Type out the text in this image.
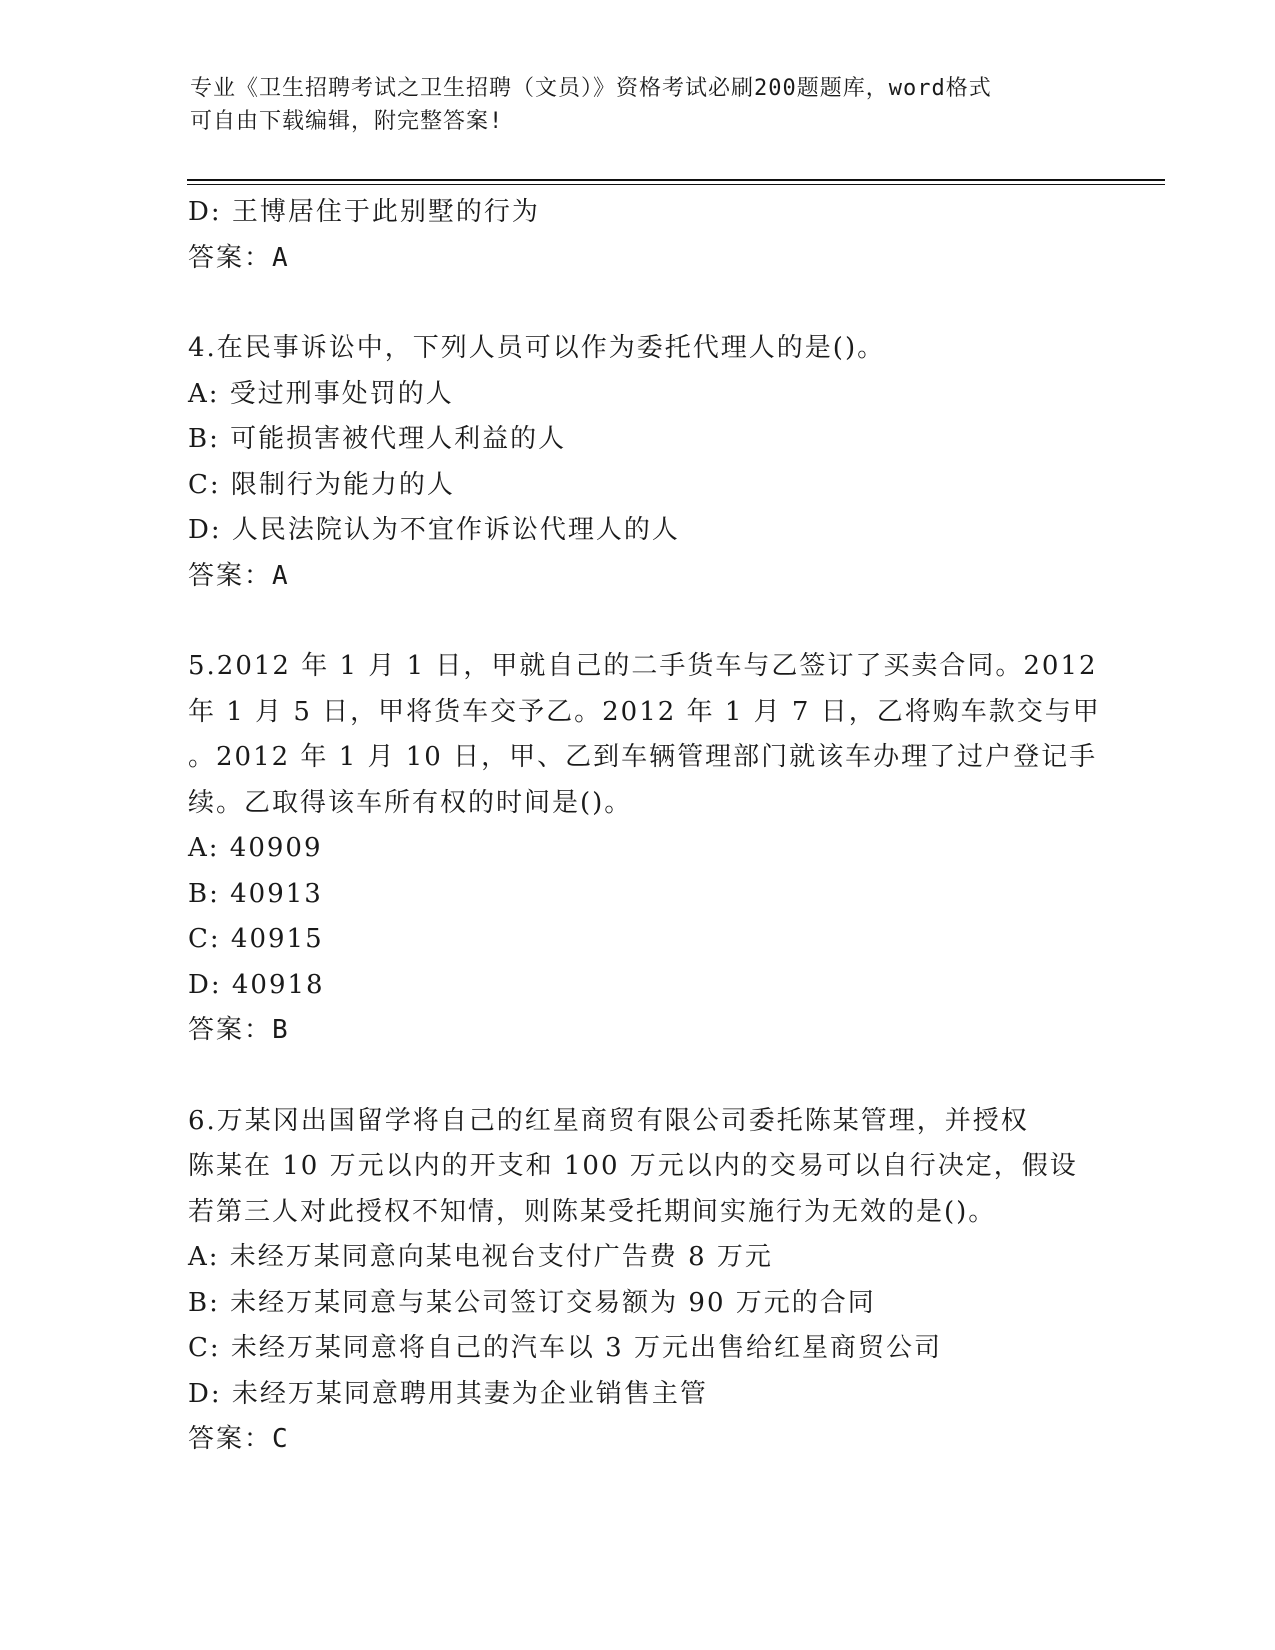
专业《卫生招聘考试之卫生招聘（文员）》资格考试必刷200题题库，word格式
可自由下载编辑，附完整答案!

D: 王博居住于此别墅的行为

答案：A

4.在民事诉讼中，下列人员可以作为委托代理人的是()。

A: 受过刑事处罚的人

B: 可能损害被代理人利益的人

C: 限制行为能力的人

D: 人民法院认为不宜作诉讼代理人的人

答案：A

5.2012 年 1 月 1 日，甲就自己的二手货车与乙签订了买卖合同。2012

年 1 月 5 日，甲将货车交予乙。2012 年 1 月 7 日，乙将购车款交与甲

。2012 年 1 月 10 日，甲、乙到车辆管理部门就该车办理了过户登记手

续。乙取得该车所有权的时间是()。

A: 40909

B: 40913

C: 40915

D: 40918

答案：B

6.万某冈出国留学将自己的红星商贸有限公司委托陈某管理，并授权

陈某在 10 万元以内的开支和 100 万元以内的交易可以自行决定，假设

若第三人对此授权不知情，则陈某受托期间实施行为无效的是()。

A: 未经万某同意向某电视台支付广告费 8 万元

B: 未经万某同意与某公司签订交易额为 90 万元的合同

C: 未经万某同意将自己的汽车以 3 万元出售给红星商贸公司

D: 未经万某同意聘用其妻为企业销售主管

答案：C
